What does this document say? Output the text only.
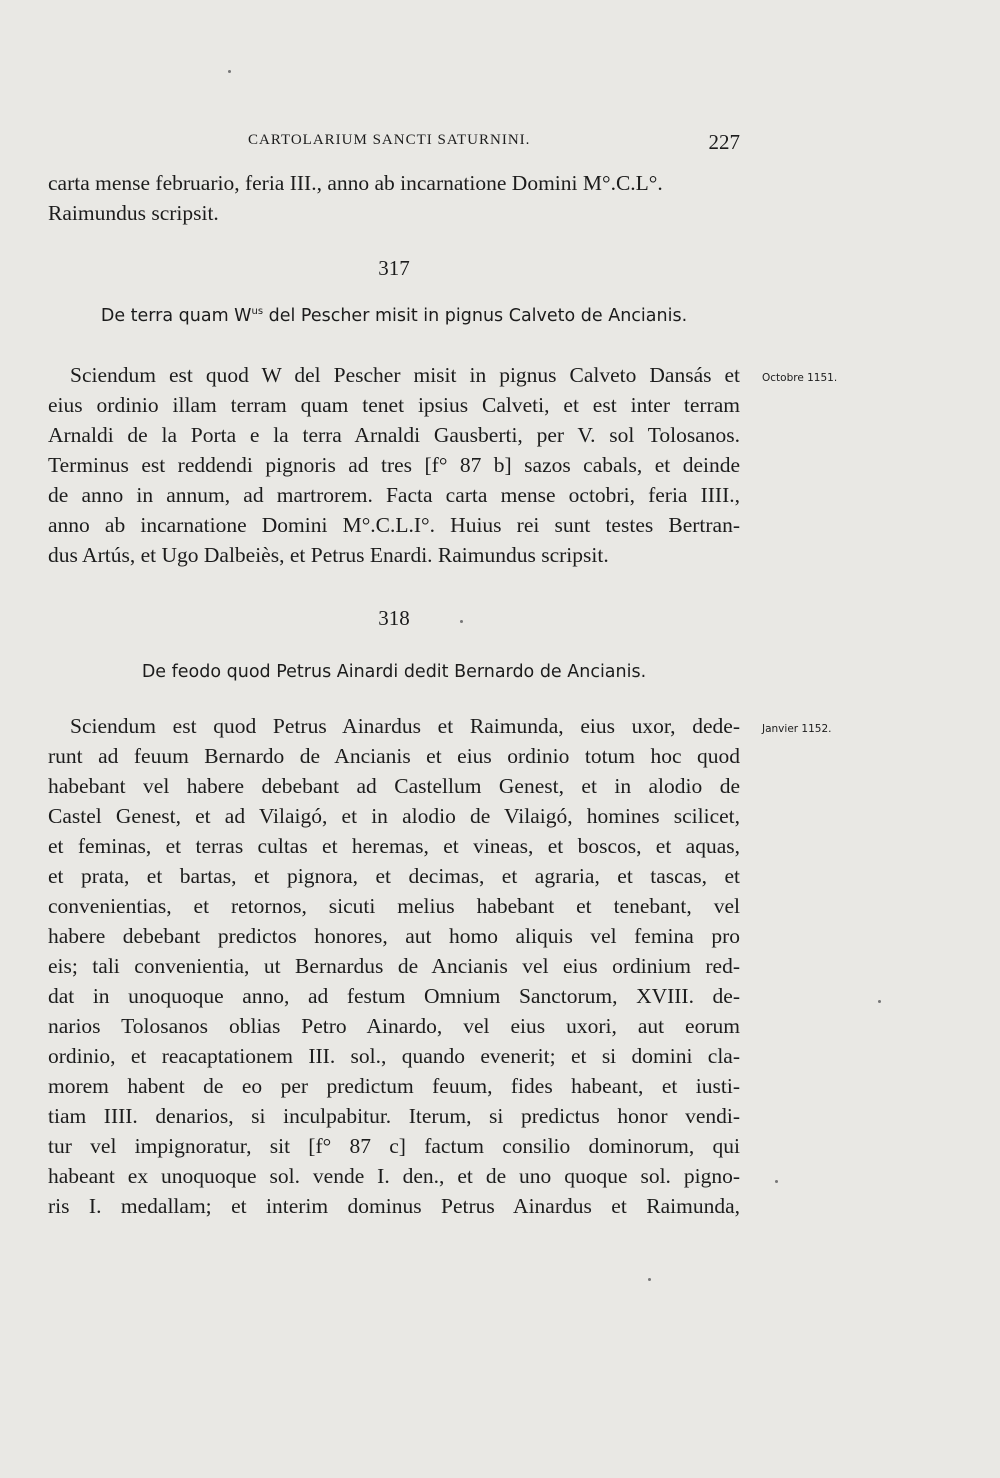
CARTOLARIUM SANCTI SATURNINI.	227
carta mense februario, feria III., anno ab incarnatione Domini M°.C.L°.
Raimundus scripsit.
317
De terra quam $W^{us}$ del Pescher misit in pignus Calveto de Ancianis.
Octobre 1151.
Sciendum est quod W del Pescher misit in pignus Calveto Dansás et
eius ordinio illam terram quam tenet ipsius Calveti, et est inter terram
Arnaldi de la Porta e la terra Arnaldi Gausberti, per V. sol Tolosanos.
Terminus est reddendi pignoris ad tres [f° 87 b] sazos cabals, et deinde
de anno in annum, ad martrorem. Facta carta mense octobri, feria IIII.,
anno ab incarnatione Domini M°.C.L.I°. Huius rei sunt testes Bertran-
dus Artús, et Ugo Dalbeiès, et Petrus Enardi. Raimundus scripsit.
318
De feodo quod Petrus Ainardi dedit Bernardo de Ancianis.
Janvier 1152.
Sciendum est quod Petrus Ainardus et Raimunda, eius uxor, dede-
runt ad feuum Bernardo de Ancianis et eius ordinio totum hoc quod
habebant vel habere debebant ad Castellum Genest, et in alodio de
Castel Genest, et ad Vilaigó, et in alodio de Vilaigó, homines scilicet,
et feminas, et terras cultas et heremas, et vineas, et boscos, et aquas,
et prata, et bartas, et pignora, et decimas, et agraria, et tascas, et
convenientias, et retornos, sicuti melius habebant et tenebant, vel
habere debebant predictos honores, aut homo aliquis vel femina pro
eis; tali convenientia, ut Bernardus de Ancianis vel eius ordinium red-
dat in unoquoque anno, ad festum Omnium Sanctorum, XVIII. de-
narios Tolosanos oblias Petro Ainardo, vel eius uxori, aut eorum
ordinio, et reacaptationem III. sol., quando evenerit; et si domini cla-
morem habent de eo per predictum feuum, fides habeant, et iusti-
tiam IIII. denarios, si inculpabitur. Iterum, si predictus honor vendi-
tur vel impignoratur, sit [f° 87 c] factum consilio dominorum, qui
habeant ex unoquoque sol. vende I. den., et de uno quoque sol. pigno-
ris I. medallam; et interim dominus Petrus Ainardus et Raimunda,
